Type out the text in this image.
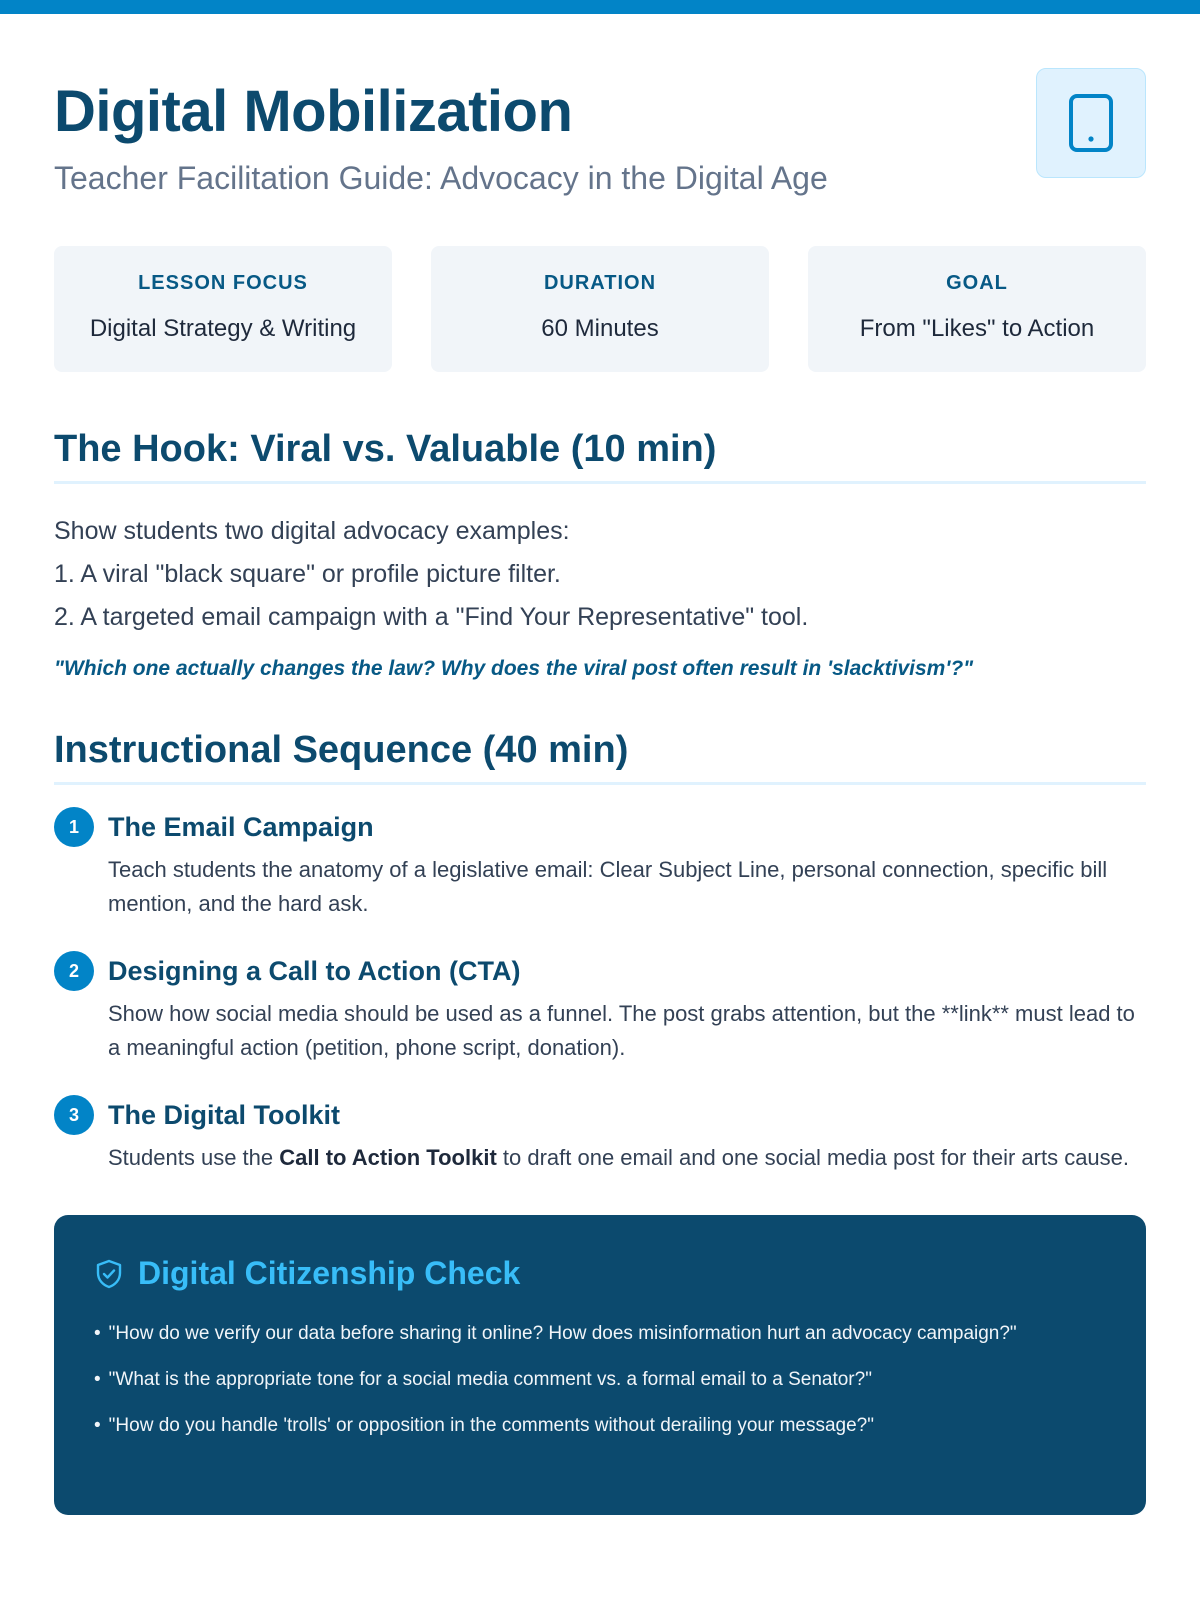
Digital Mobilization

Teacher Facilitation Guide: Advocacy in the Digital Age

LESSON FOCUS
Digital Strategy & Writing
DURATION
60 Minutes
GOAL
From "Likes" to Action
The Hook: Viral vs. Valuable (10 min)
Show students two digital advocacy examples:
1. A viral "black square" or profile picture filter.
2. A targeted email campaign with a "Find Your Representative" tool.
"Which one actually changes the law? Why does the viral post often result in 'slacktivism'?"
Instructional Sequence (40 min)
1	The Email Campaign
Teach students the anatomy of a legislative email: Clear Subject Line, personal connection, specific bill mention, and the hard ask.
2	Designing a Call to Action (CTA)
Show how social media should be used as a funnel. The post grabs attention, but the **link** must lead to a meaningful action (petition, phone script, donation).
3	The Digital Toolkit
Students use the Call to Action Toolkit to draft one email and one social media post for their arts cause.
Digital Citizenship Check
• "How do we verify our data before sharing it online? How does misinformation hurt an advocacy campaign?"
• "What is the appropriate tone for a social media comment vs. a formal email to a Senator?"
• "How do you handle 'trolls' or opposition in the comments without derailing your message?"
